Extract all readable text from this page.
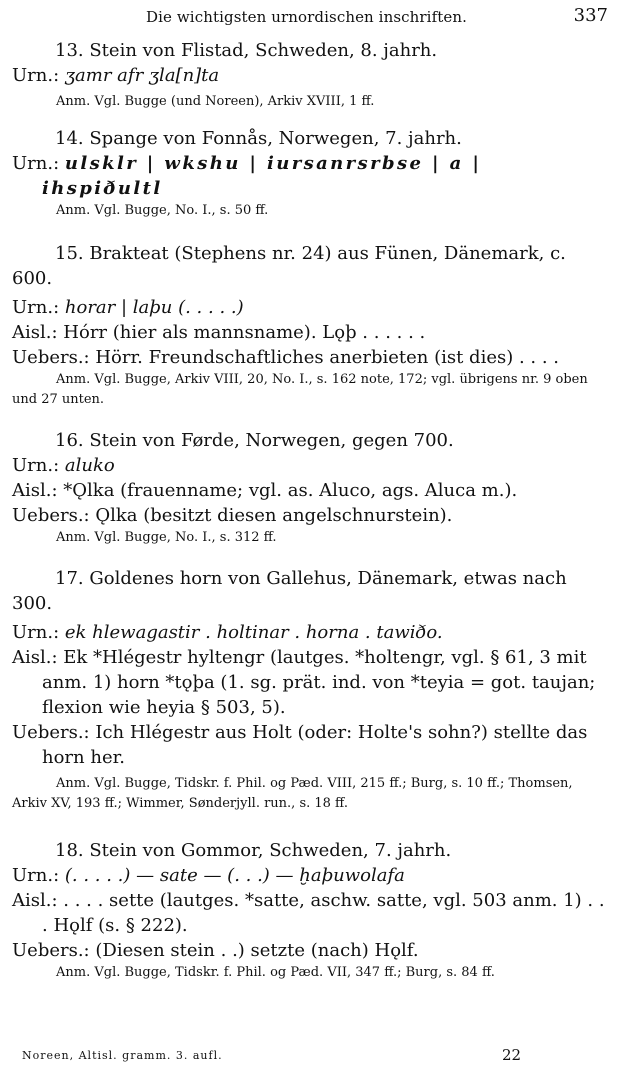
Die wichtigsten urnordischen inschriften.	337
13. Stein von Flistad, Schweden, 8. jahrh.
Urn.: ʒamr afr ʒla[n]ta
Anm. Vgl. Bugge (und Noreen), Arkiv XVIII, 1 ff.
14. Spange von Fonnås, Norwegen, 7. jahrh.
Urn.: ulsklr | wkshu | iursanrsrbse | a | ihspiðultl
Anm. Vgl. Bugge, No. I., s. 50 ff.
15. Brakteat (Stephens nr. 24) aus Fünen, Dänemark, c. 600.
Urn.: horar | laþu (. . . . .)
Aisl.: Hórr (hier als mannsname). Lǫþ . . . . . .
Uebers.: Hörr. Freundschaftliches anerbieten (ist dies) . . . .
Anm. Vgl. Bugge, Arkiv VIII, 20, No. I., s. 162 note, 172; vgl. übrigens nr. 9 oben und 27 unten.
16. Stein von Førde, Norwegen, gegen 700.
Urn.: aluko
Aisl.: *Ǫlka (frauenname; vgl. as. Aluco, ags. Aluca m.).
Uebers.: Ǫlka (besitzt diesen angelschnurstein).
Anm. Vgl. Bugge, No. I., s. 312 ff.
17. Goldenes horn von Gallehus, Dänemark, etwas nach 300.
Urn.: ek hlewagastir . holtinar . horna . tawiðo.
Aisl.: Ek *Hlégestr hyltengr (lautges. *holtengr, vgl. § 61, 3 mit anm. 1) horn *tǫþa (1. sg. prät. ind. von *teyia = got. taujan; flexion wie heyia § 503, 5).
Uebers.: Ich Hlégestr aus Holt (oder: Holte's sohn?) stellte das horn her.
Anm. Vgl. Bugge, Tidskr. f. Phil. og Pæd. VIII, 215 ff.; Burg, s. 10 ff.; Thomsen, Arkiv XV, 193 ff.; Wimmer, Sønderjyll. run., s. 18 ff.
18. Stein von Gommor, Schweden, 7. jahrh.
Urn.: (. . . . .) — sate — (. . .) — ḫaþuwolafa
Aisl.: . . . . sette (lautges. *satte, aschw. satte, vgl. 503 anm. 1) . . . Hǫlf (s. § 222).
Uebers.: (Diesen stein . .) setzte (nach) Hǫlf.
Anm. Vgl. Bugge, Tidskr. f. Phil. og Pæd. VII, 347 ff.; Burg, s. 84 ff.
Noreen, Altisl. gramm. 3. aufl.	22
